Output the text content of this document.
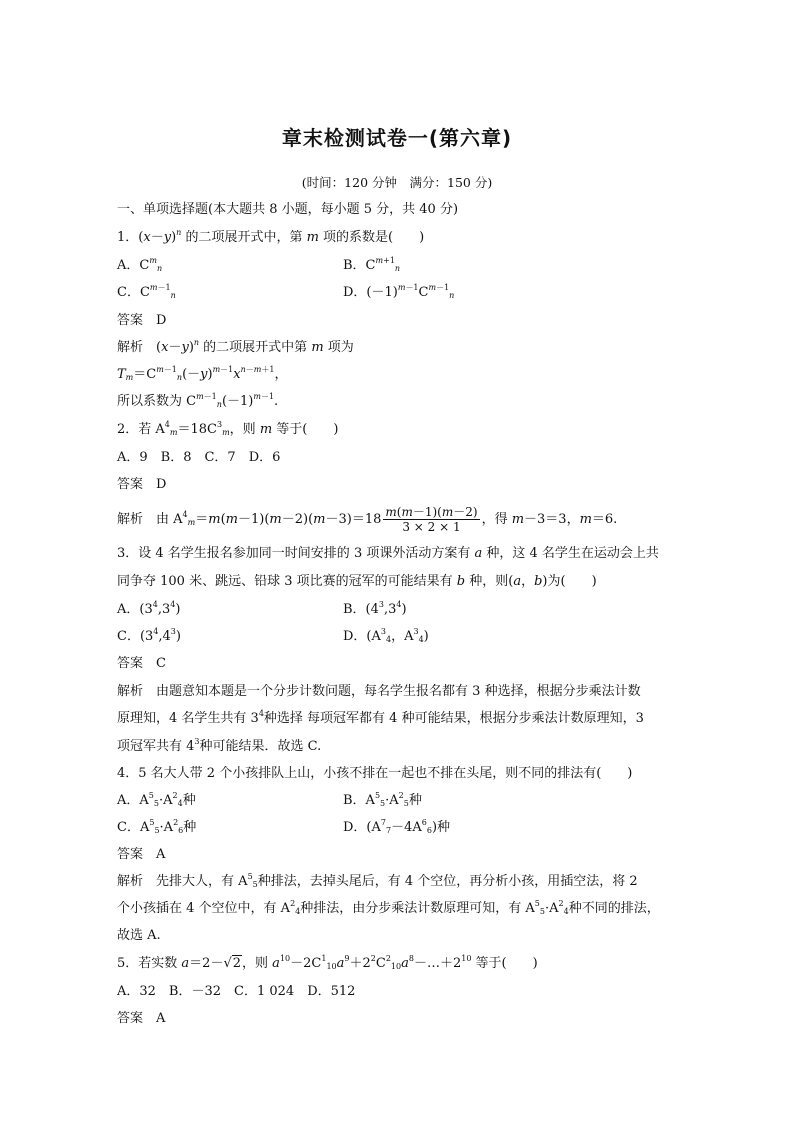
章末检测试卷一(第六章)
(时间：120 分钟　满分：150 分)
一、单项选择题(本大题共 8 小题，每小题 5 分，共 40 分)
1．$(x-y)^n$ 的二项展开式中，第 m 项的系数是(　　)
A．$C^m_n$	B．$C^{m+1}_n$
C．$C^{m-1}_n$	D．$(-1)^{m-1}C^{m-1}_n$
答案　 D
解析　$(x-y)^n$ 的二项展开式中第 m 项为
$T_m=C^{m-1}_n(-y)^{m-1}x^{n-m+1}$，
所以系数为 $C^{m-1}_n(-1)^{m-1}$.
2．若 $A^4_m=18C^3_m$，则 m 等于(　　)
A．9　B．8　C．7　D．6
答案　 D
解析　由 $A^4_m=m(m-1)(m-2)(m-3)=18 \frac{m(m-1)(m-2)}{3 \times 2 \times 1}$ ，得 m－3＝3，m＝6.
3．设 4 名学生报名参加同一时间安排的 3 项课外活动方案有 a 种，这 4 名学生在运动会上共
同争夺 100 米、跳远、铅球 3 项比赛的冠军的可能结果有 b 种，则(a，b)为(　　)
A．$(3^4,3^4)$	B．$(4^3,3^4)$
C．$(3^4,4^3)$	D．($A^3_4$，$A^3_4$)
答案　 C
解析　 由题意知本题是一个分步计数问题，每名学生报名都有 3 种选择，根据分步乘法计数
原理知，4 名学生共有 $3^4$种选择 每项冠军都有 4 种可能结果，根据分步乘法计数原理知，3
项冠军共有 $4^3$种可能结果．故选 C.
4．5 名大人带 2 个小孩排队上山，小孩不排在一起也不排在头尾，则不同的排法有(　　)
A．$A^5_5\cdot A^2_4$种	B．$A^5_5\cdot A^2_5$种
C．$A^5_5\cdot A^2_6$种	D．$(A^7_7-4A^6_6)$种
答案　 A
解析　 先排大人，有 $A^5_5$种排法，去掉头尾后，有 4 个空位，再分析小孩，用插空法，将 2
个小孩插在 4 个空位中，有 $A^2_4$种排法，由分步乘法计数原理可知，有 $A^5_5\cdot A^2_4$种不同的排法，
故选 A.
5．若实数 a＝2－√2，则 $a^{10}-2C^1_{10}a^9+2^2C^2_{10}a^8-\dots+2^{10}$ 等于(　　)
A．32　B．－32　C．1 024　D．512
答案　 A
